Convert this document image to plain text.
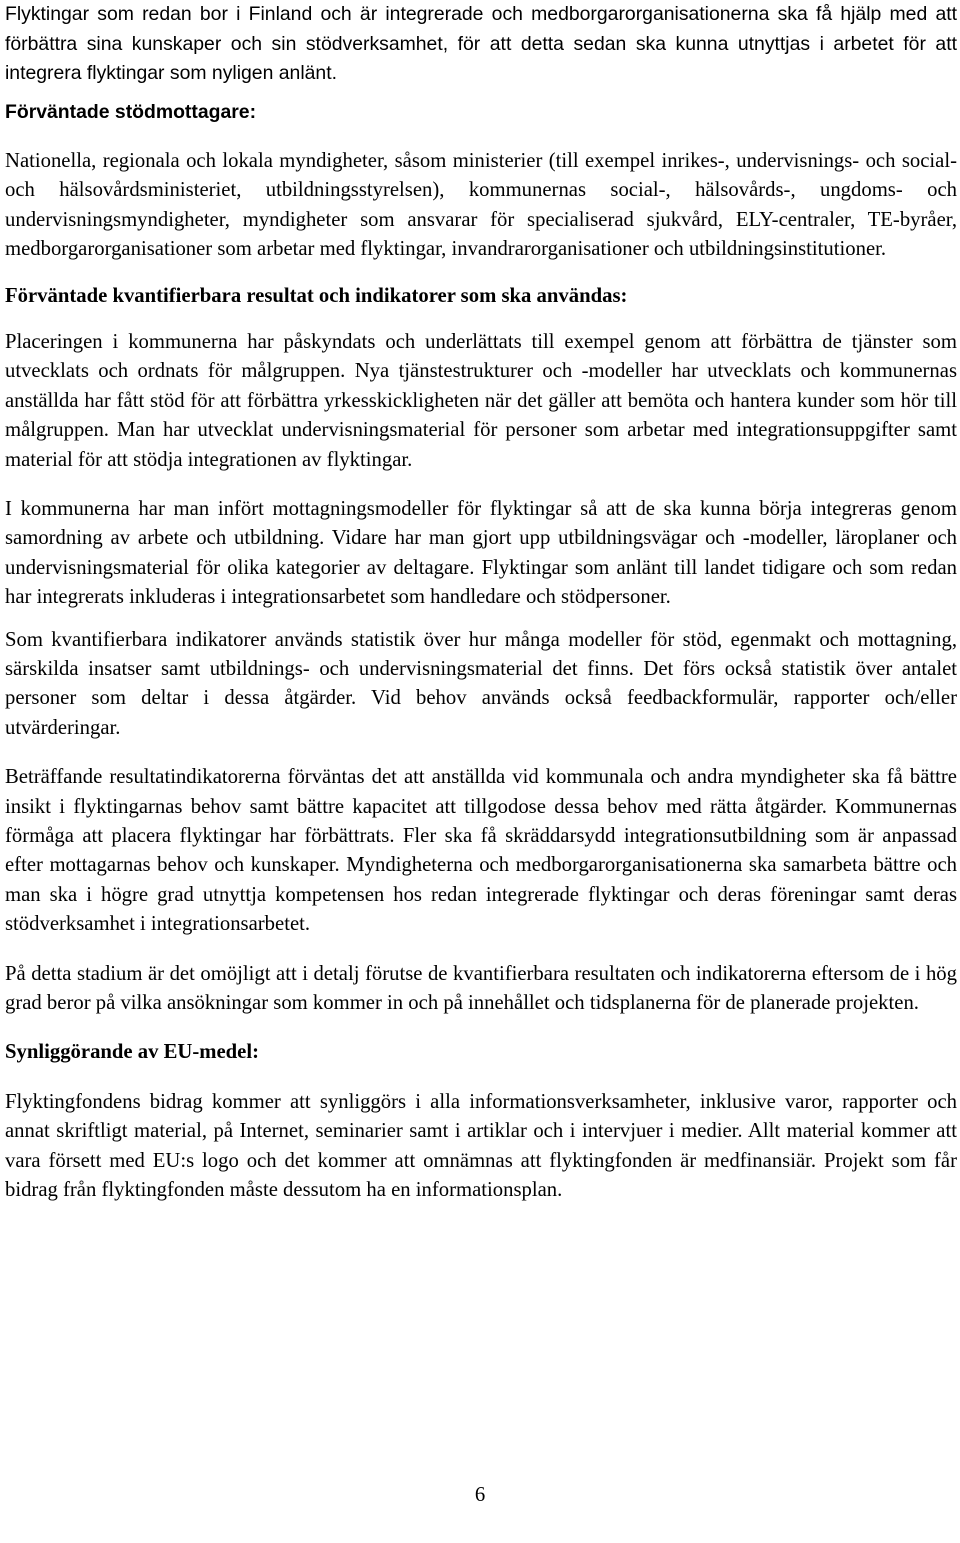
Flyktingar som redan bor i Finland och är integrerade och medborgarorganisationerna ska få hjälp med att förbättra sina kunskaper och sin stödverksamhet, för att detta sedan ska kunna utnyttjas i arbetet för att integrera flyktingar som nyligen anlänt.

Förväntade stödmottagare:

Nationella, regionala och lokala myndigheter, såsom ministerier (till exempel inrikes-, undervisnings- och social- och hälsovårdsministeriet, utbildningsstyrelsen), kommunernas social-, hälsovårds-, ungdoms- och undervisningsmyndigheter, myndigheter som ansvarar för specialiserad sjukvård, ELY-centraler, TE-byråer, medborgarorganisationer som arbetar med flyktingar, invandrarorganisationer och utbildningsinstitutioner.

Förväntade kvantifierbara resultat och indikatorer som ska användas:

Placeringen i kommunerna har påskyndats och underlättats till exempel genom att förbättra de tjänster som utvecklats och ordnats för målgruppen. Nya tjänstestrukturer och -modeller har utvecklats och kommunernas anställda har fått stöd för att förbättra yrkesskickligheten när det gäller att bemöta och hantera kunder som hör till målgruppen. Man har utvecklat undervisningsmaterial för personer som arbetar med integrationsuppgifter samt material för att stödja integrationen av flyktingar.

I kommunerna har man infört mottagningsmodeller för flyktingar så att de ska kunna börja integreras genom samordning av arbete och utbildning. Vidare har man gjort upp utbildningsvägar och -modeller, läroplaner och undervisningsmaterial för olika kategorier av deltagare. Flyktingar som anlänt till landet tidigare och som redan har integrerats inkluderas i integrationsarbetet som handledare och stödpersoner.

Som kvantifierbara indikatorer används statistik över hur många modeller för stöd, egenmakt och mottagning, särskilda insatser samt utbildnings- och undervisningsmaterial det finns. Det förs också statistik över antalet personer som deltar i dessa åtgärder. Vid behov används också feedbackformulär, rapporter och/eller utvärderingar.

Beträffande resultatindikatorerna förväntas det att anställda vid kommunala och andra myndigheter ska få bättre insikt i flyktingarnas behov samt bättre kapacitet att tillgodose dessa behov med rätta åtgärder. Kommunernas förmåga att placera flyktingar har förbättrats. Fler ska få skräddarsydd integrationsutbildning som är anpassad efter mottagarnas behov och kunskaper. Myndigheterna och medborgarorganisationerna ska samarbeta bättre och man ska i högre grad utnyttja kompetensen hos redan integrerade flyktingar och deras föreningar samt deras stödverksamhet i integrationsarbetet.

På detta stadium är det omöjligt att i detalj förutse de kvantifierbara resultaten och indikatorerna eftersom de i hög grad beror på vilka ansökningar som kommer in och på innehållet och tidsplanerna för de planerade projekten.

Synliggörande av EU-medel:

Flyktingfondens bidrag kommer att synliggörs i alla informationsverksamheter, inklusive varor, rapporter och annat skriftligt material, på Internet, seminarier samt i artiklar och i intervjuer i medier. Allt material kommer att vara försett med EU:s logo och det kommer att omnämnas att flyktingfonden är medfinansiär. Projekt som får bidrag från flyktingfonden måste dessutom ha en informationsplan.

6
